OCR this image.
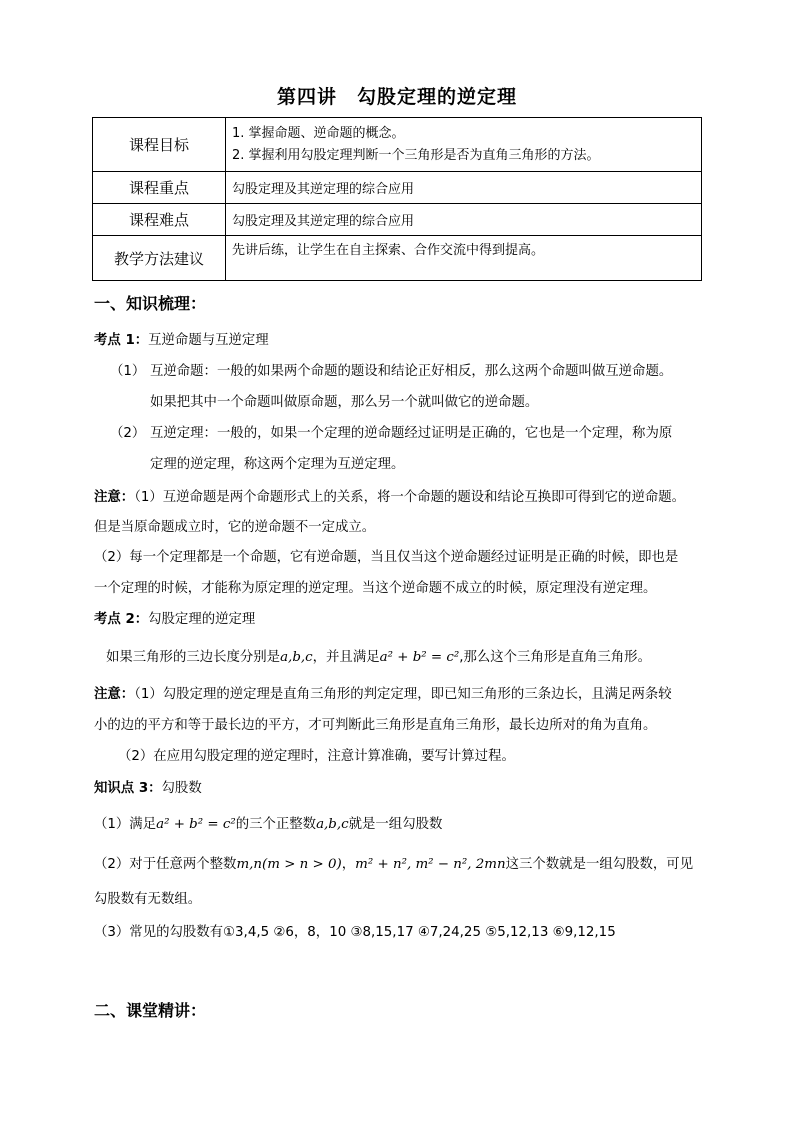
第四讲　勾股定理的逆定理
课程目标	1. 掌握命题、逆命题的概念。
2. 掌握利用勾股定理判断一个三角形是否为直角三角形的方法。

课程重点	勾股定理及其逆定理的综合应用
课程难点	勾股定理及其逆定理的综合应用
教学方法建议	先讲后练，让学生在自主探索、合作交流中得到提高。
一、知识梳理：
考点 1：互逆命题与互逆定理
（1） 互逆命题：一般的如果两个命题的题设和结论正好相反，那么这两个命题叫做互逆命题。
如果把其中一个命题叫做原命题，那么另一个就叫做它的逆命题。
（2） 互逆定理：一般的，如果一个定理的逆命题经过证明是正确的，它也是一个定理，称为原
定理的逆定理，称这两个定理为互逆定理。
注意：（1）互逆命题是两个命题形式上的关系，将一个命题的题设和结论互换即可得到它的逆命题。
但是当原命题成立时，它的逆命题不一定成立。
（2）每一个定理都是一个命题，它有逆命题，当且仅当这个逆命题经过证明是正确的时候，即也是
一个定理的时候，才能称为原定理的逆定理。当这个逆命题不成立的时候，原定理没有逆定理。
考点 2：勾股定理的逆定理
如果三角形的三边长度分别是a,b,c，并且满足a² + b² = c²,那么这个三角形是直角三角形。
注意：（1）勾股定理的逆定理是直角三角形的判定定理，即已知三角形的三条边长，且满足两条较
小的边的平方和等于最长边的平方，才可判断此三角形是直角三角形，最长边所对的角为直角。
（2）在应用勾股定理的逆定理时，注意计算准确，要写计算过程。
知识点 3：勾股数
（1）满足a² + b² = c²的三个正整数a,b,c就是一组勾股数
（2）对于任意两个整数m,n(m > n > 0)，m² + n², m² − n², 2mn这三个数就是一组勾股数，可见
勾股数有无数组。
（3）常见的勾股数有①3,4,5 ②6，8，10 ③8,15,17 ④7,24,25 ⑤5,12,13 ⑥9,12,15
二、课堂精讲：
